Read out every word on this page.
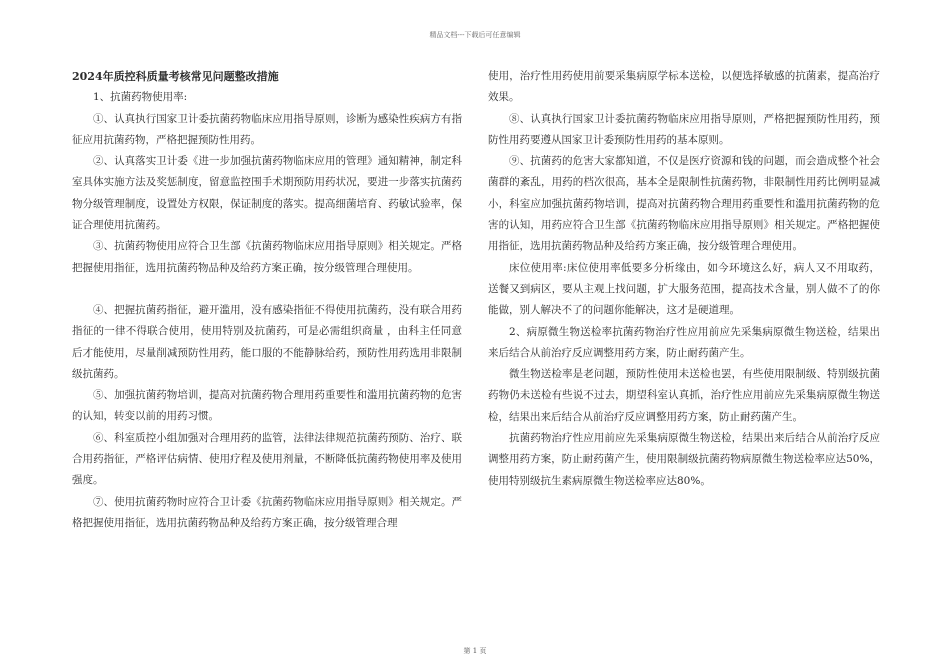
精品文档---下载后可任意编辑

2024年质控科质量考核常见问题整改措施

1、抗菌药物使用率:

①、认真执行国家卫计委抗菌药物临床应用指导原则，诊断为感染性疾病方有指征应用抗菌药物，严格把握预防性用药。

②、认真落实卫计委《进一步加强抗菌药物临床应用的管理》通知精神，制定科室具体实施方法及奖惩制度，留意监控围手术期预防用药状况，要进一步落实抗菌药物分级管理制度，设置处方权限，保证制度的落实。提高细菌培育、药敏试验率，保证合理使用抗菌药。

③、抗菌药物使用应符合卫生部《抗菌药物临床应用指导原则》相关规定。严格把握使用指征，选用抗菌药物品种及给药方案正确，按分级管理合理使用。

④、把握抗菌药指征，避开滥用，没有感染指征不得使用抗菌药，没有联合用药指征的一律不得联合使用，使用特别及抗菌药，可是必需组织商量 ，由科主任同意后才能使用，尽量削减预防性用药，能口服的不能静脉给药，预防性用药选用非限制级抗菌药。

⑤、加强抗菌药物培训，提高对抗菌药物合理用药重要性和滥用抗菌药物的危害的认知，转变以前的用药习惯。

⑥、科室质控小组加强对合理用药的监管，法律法律规范抗菌药预防、治疗、联合用药指征，严格评估病情、使用疗程及使用剂量，不断降低抗菌药物使用率及使用强度。

⑦、使用抗菌药物时应符合卫计委《抗菌药物临床应用指导原则》相关规定。严格把握使用指征，选用抗菌药物品种及给药方案正确，按分级管理合理

使用，治疗性用药使用前要采集病原学标本送检，以便选择敏感的抗菌素，提高治疗效果。

⑧、认真执行国家卫计委抗菌药物临床应用指导原则，严格把握预防性用药，预防性用药要遵从国家卫计委预防性用药的基本原则。

⑨、抗菌药的危害大家都知道，不仅是医疗资源和钱的问题，而会造成整个社会菌群的紊乱，用药的档次很高，基本全是限制性抗菌药物，非限制性用药比例明显减小，科室应加强抗菌药物培训，提高对抗菌药物合理用药重要性和滥用抗菌药物的危害的认知，用药应符合卫生部《抗菌药物临床应用指导原则》相关规定。严格把握使用指征，选用抗菌药物品种及给药方案正确，按分级管理合理使用。

床位使用率:床位使用率低要多分析缘由，如今环境这么好，病人又不用取药，送餐又到病区，要从主观上找问题，扩大服务范围，提高技术含量，别人做不了的你能做，别人解决不了的问题你能解决，这才是硬道理。

2、病原微生物送检率抗菌药物治疗性应用前应先采集病原微生物送检，结果出来后结合从前治疗反应调整用药方案，防止耐药菌产生。

微生物送检率是老问题，预防性使用未送检也罢，有些使用限制级、特别级抗菌药物仍未送检有些说不过去，期望科室认真抓，治疗性应用前应先采集病原微生物送检，结果出来后结合从前治疗反应调整用药方案，防止耐药菌产生。

抗菌药物治疗性应用前应先采集病原微生物送检，结果出来后结合从前治疗反应调整用药方案，防止耐药菌产生，使用限制级抗菌药物病原微生物送检率应达50%，使用特别级抗生素病原微生物送检率应达80%。

第 1 页
